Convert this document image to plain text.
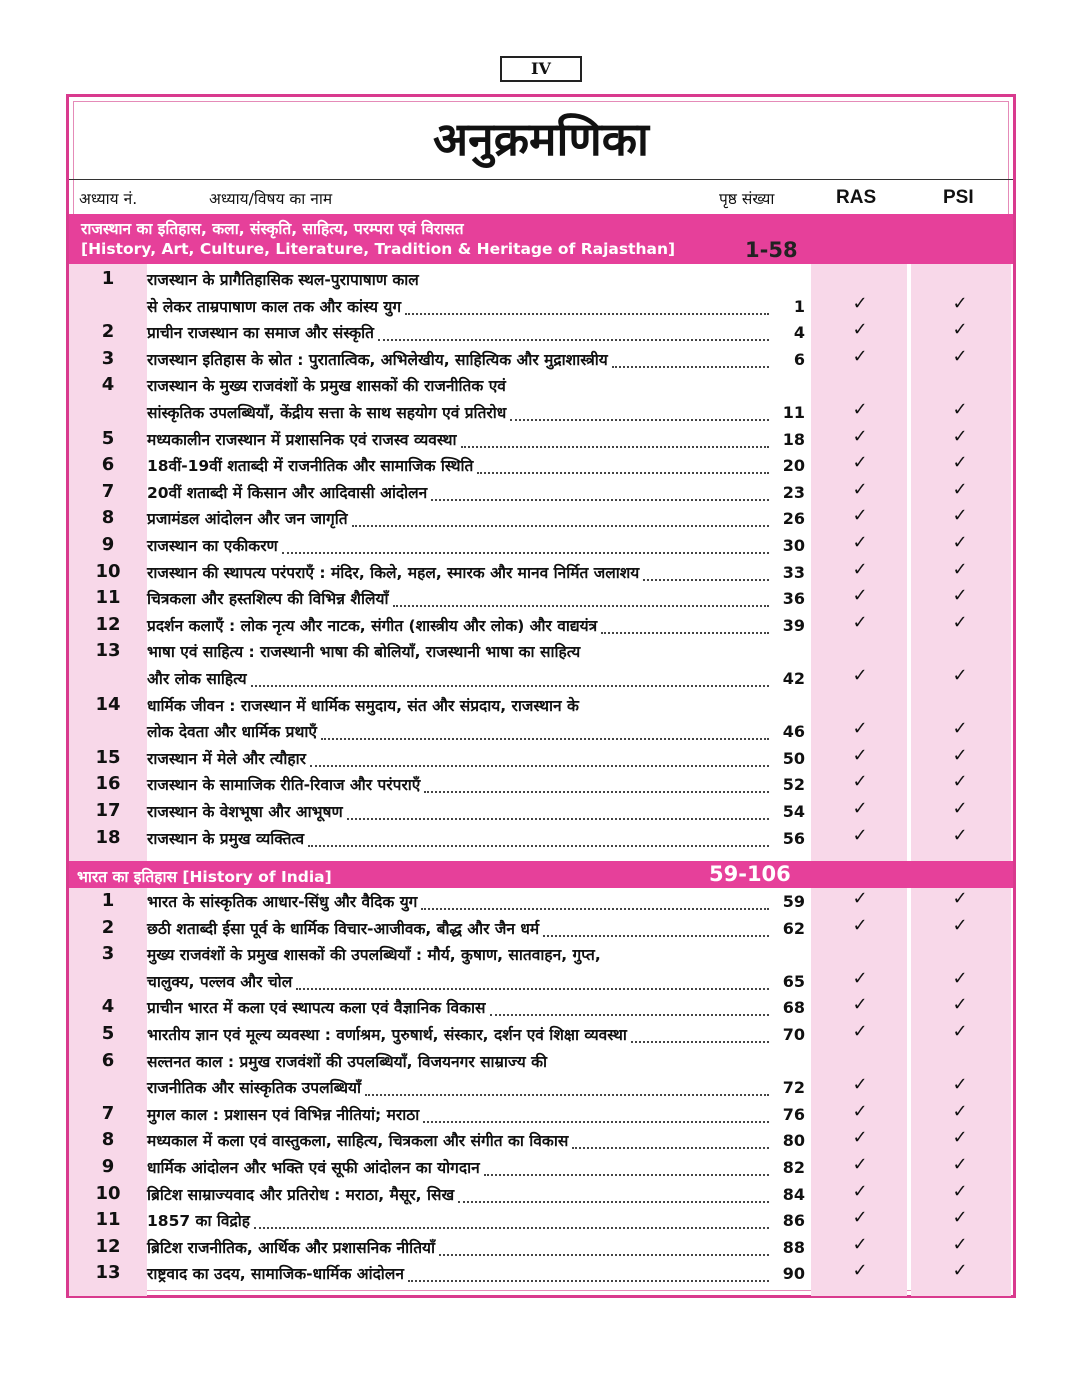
IV
अनुक्रमणिका
अध्याय नं.	अध्याय/विषय का नाम	पृष्ठ संख्या	RAS	PSI
राजस्थान का इतिहास, कला, संस्कृति, साहित्य, परम्परा एवं विरासत
[History, Art, Culture, Literature, Tradition & Heritage of Rajasthan]	1-58
भारत का इतिहास [History of India]	59-106
1	राजस्थान के प्रागैतिहासिक स्थल-पुरापाषाण काल
से लेकर ताम्रपाषाण काल तक और कांस्य युग	1	✓	✓
2	प्राचीन राजस्थान का समाज और संस्कृति	4	✓	✓
3	राजस्थान इतिहास के स्रोत : पुरातात्विक, अभिलेखीय, साहित्यिक और मुद्राशास्त्रीय	6	✓	✓
4	राजस्थान के मुख्य राजवंशों के प्रमुख शासकों की राजनीतिक एवं
सांस्कृतिक उपलब्धियाँ, केंद्रीय सत्ता के साथ सहयोग एवं प्रतिरोध	11	✓	✓
5	मध्यकालीन राजस्थान में प्रशासनिक एवं राजस्व व्यवस्था	18	✓	✓
6	18वीं-19वीं शताब्दी में राजनीतिक और सामाजिक स्थिति	20	✓	✓
7	20वीं शताब्दी में किसान और आदिवासी आंदोलन	23	✓	✓
8	प्रजामंडल आंदोलन और जन जागृति	26	✓	✓
9	राजस्थान का एकीकरण	30	✓	✓
10	राजस्थान की स्थापत्य परंपराएँ : मंदिर, किले, महल, स्मारक और मानव निर्मित जलाशय	33	✓	✓
11	चित्रकला और हस्तशिल्प की विभिन्न शैलियाँ	36	✓	✓
12	प्रदर्शन कलाएँ : लोक नृत्य और नाटक, संगीत (शास्त्रीय और लोक) और वाद्ययंत्र	39	✓	✓
13	भाषा एवं साहित्य : राजस्थानी भाषा की बोलियाँ, राजस्थानी भाषा का साहित्य
और लोक साहित्य	42	✓	✓
14	धार्मिक जीवन : राजस्थान में धार्मिक समुदाय, संत और संप्रदाय, राजस्थान के
लोक देवता और धार्मिक प्रथाएँ	46	✓	✓
15	राजस्थान में मेले और त्यौहार	50	✓	✓
16	राजस्थान के सामाजिक रीति-रिवाज और परंपराएँ	52	✓	✓
17	राजस्थान के वेशभूषा और आभूषण	54	✓	✓
18	राजस्थान के प्रमुख व्यक्तित्व	56	✓	✓
1	भारत के सांस्कृतिक आधार-सिंधु और वैदिक युग	59	✓	✓
2	छठी शताब्दी ईसा पूर्व के धार्मिक विचार-आजीवक, बौद्ध और जैन धर्म	62	✓	✓
3	मुख्य राजवंशों के प्रमुख शासकों की उपलब्धियाँ : मौर्य, कुषाण, सातवाहन, गुप्त,
चालुक्य, पल्लव और चोल	65	✓	✓
4	प्राचीन भारत में कला एवं स्थापत्य कला एवं वैज्ञानिक विकास	68	✓	✓
5	भारतीय ज्ञान एवं मूल्य व्यवस्था : वर्णाश्रम, पुरुषार्थ, संस्कार, दर्शन एवं शिक्षा व्यवस्था	70	✓	✓
6	सल्तनत काल : प्रमुख राजवंशों की उपलब्धियाँ, विजयनगर साम्राज्य की
राजनीतिक और सांस्कृतिक उपलब्धियाँ	72	✓	✓
7	मुगल काल : प्रशासन एवं विभिन्न नीतियां; मराठा	76	✓	✓
8	मध्यकाल में कला एवं वास्तुकला, साहित्य, चित्रकला और संगीत का विकास	80	✓	✓
9	धार्मिक आंदोलन और भक्ति एवं सूफी आंदोलन का योगदान	82	✓	✓
10	ब्रिटिश साम्राज्यवाद और प्रतिरोध : मराठा, मैसूर, सिख	84	✓	✓
11	1857 का विद्रोह	86	✓	✓
12	ब्रिटिश राजनीतिक, आर्थिक और प्रशासनिक नीतियाँ	88	✓	✓
13	राष्ट्रवाद का उदय, सामाजिक-धार्मिक आंदोलन	90	✓	✓
